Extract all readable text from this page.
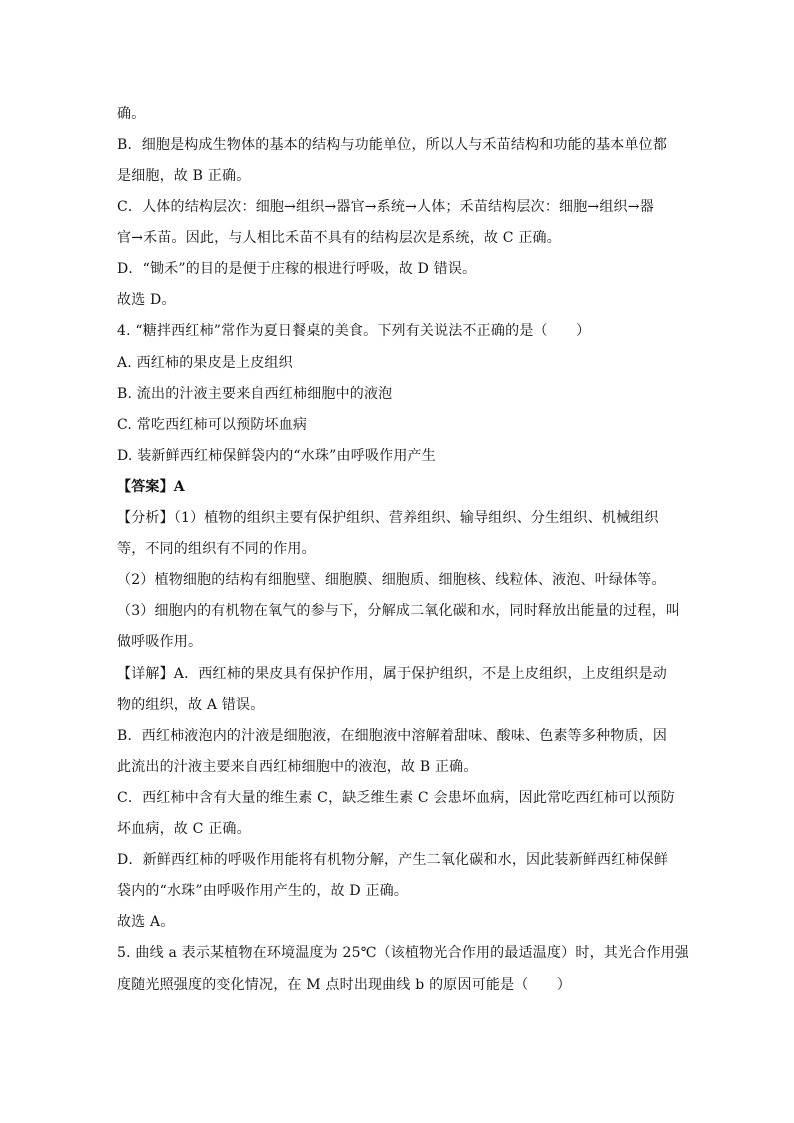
确。
B．细胞是构成生物体的基本的结构与功能单位，所以人与禾苗结构和功能的基本单位都
是细胞，故 B 正确。
C．人体的结构层次：细胞→组织→器官→系统→人体；禾苗结构层次：细胞→组织→器
官→禾苗。因此，与人相比禾苗不具有的结构层次是系统，故 C 正确。
D．“锄禾”的目的是便于庄稼的根进行呼吸，故 D 错误。
故选 D。
4. “糖拌西红柿”常作为夏日餐桌的美食。下列有关说法不正确的是（　　）
A. 西红柿的果皮是上皮组织
B. 流出的汁液主要来自西红柿细胞中的液泡
C. 常吃西红柿可以预防坏血病
D. 装新鲜西红柿保鲜袋内的“水珠”由呼吸作用产生
【答案】A
【分析】（1）植物的组织主要有保护组织、营养组织、输导组织、分生组织、机械组织
等，不同的组织有不同的作用。
（2）植物细胞的结构有细胞壁、细胞膜、细胞质、细胞核、线粒体、液泡、叶绿体等。
（3）细胞内的有机物在氧气的参与下，分解成二氧化碳和水，同时释放出能量的过程，叫
做呼吸作用。
【详解】A．西红柿的果皮具有保护作用，属于保护组织，不是上皮组织，上皮组织是动
物的组织，故 A 错误。
B．西红柿液泡内的汁液是细胞液，在细胞液中溶解着甜味、酸味、色素等多种物质，因
此流出的汁液主要来自西红柿细胞中的液泡，故 B 正确。
C．西红柿中含有大量的维生素 C，缺乏维生素 C 会患坏血病，因此常吃西红柿可以预防
坏血病，故 C 正确。
D．新鲜西红柿的呼吸作用能将有机物分解，产生二氧化碳和水，因此装新鲜西红柿保鲜
袋内的“水珠”由呼吸作用产生的，故 D 正确。
故选 A。
5. 曲线 a 表示某植物在环境温度为 25℃（该植物光合作用的最适温度）时，其光合作用强
度随光照强度的变化情况，在 M 点时出现曲线 b 的原因可能是（　　）
